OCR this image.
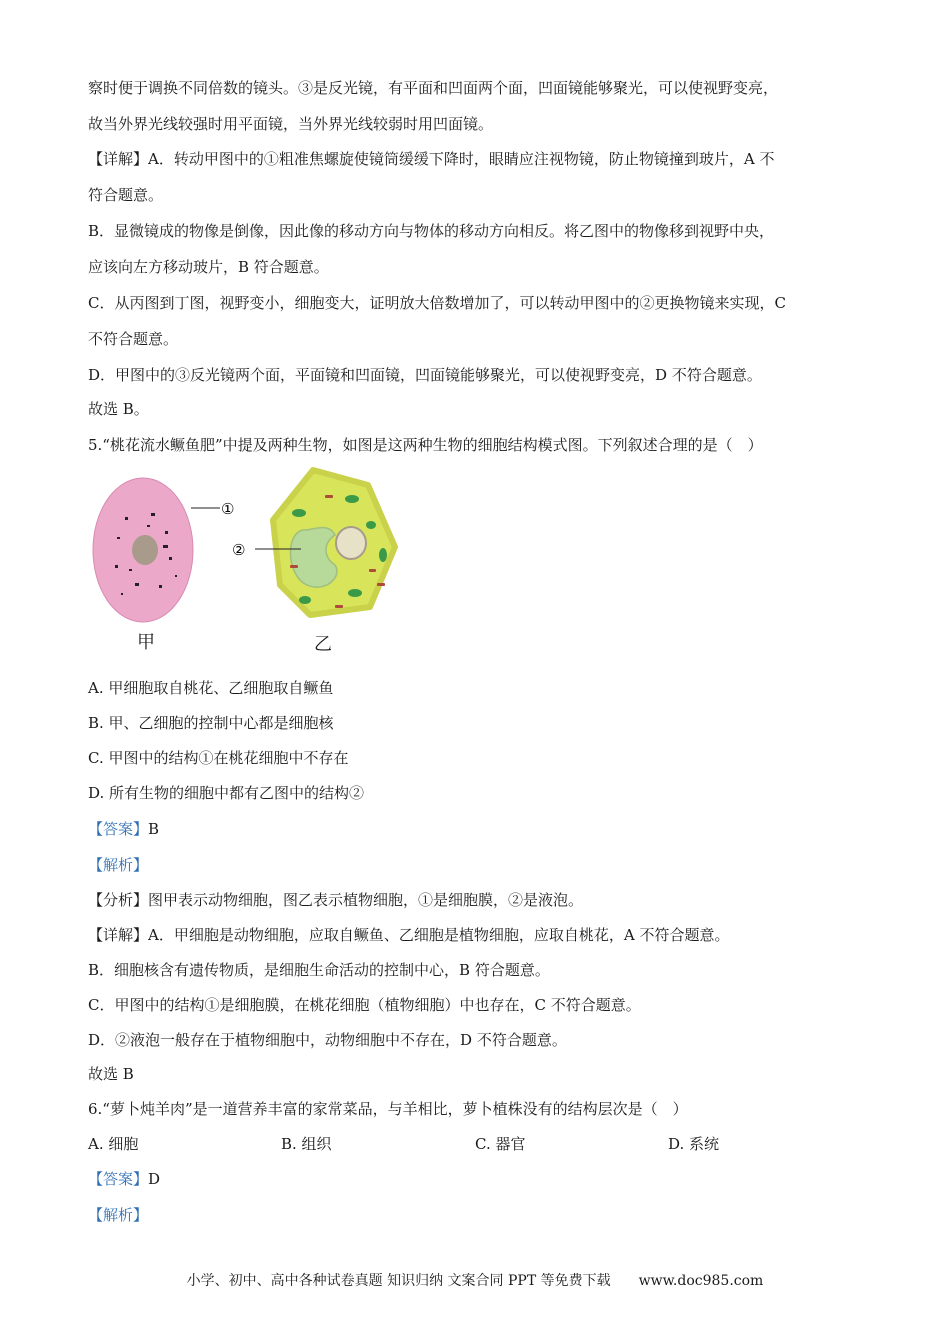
察时便于调换不同倍数的镜头。③是反光镜，有平面和凹面两个面，凹面镜能够聚光，可以使视野变亮，
故当外界光线较强时用平面镜，当外界光线较弱时用凹面镜。
【详解】A．转动甲图中的①粗准焦螺旋使镜筒缓缓下降时，眼睛应注视物镜，防止物镜撞到玻片，A 不
符合题意。
B．显微镜成的物像是倒像，因此像的移动方向与物体的移动方向相反。将乙图中的物像移到视野中央，
应该向左方移动玻片，B 符合题意。
C．从丙图到丁图，视野变小，细胞变大，证明放大倍数增加了，可以转动甲图中的②更换物镜来实现，C
不符合题意。
D．甲图中的③反光镜两个面，平面镜和凹面镜，凹面镜能够聚光，可以使视野变亮，D 不符合题意。
故选 B。
5.“桃花流水鳜鱼肥”中提及两种生物，如图是这两种生物的细胞结构模式图。下列叙述合理的是（　）
①
②
甲	乙
A. 甲细胞取自桃花、乙细胞取自鳜鱼
B. 甲、乙细胞的控制中心都是细胞核
C. 甲图中的结构①在桃花细胞中不存在
D. 所有生物的细胞中都有乙图中的结构②
【答案】B
【解析】
【分析】图甲表示动物细胞，图乙表示植物细胞，①是细胞膜，②是液泡。
【详解】A．甲细胞是动物细胞，应取自鳜鱼、乙细胞是植物细胞，应取自桃花，A 不符合题意。
B．细胞核含有遗传物质，是细胞生命活动的控制中心，B 符合题意。
C．甲图中的结构①是细胞膜，在桃花细胞（植物细胞）中也存在，C 不符合题意。
D．②液泡一般存在于植物细胞中，动物细胞中不存在，D 不符合题意。
故选 B
6.“萝卜炖羊肉”是一道营养丰富的家常菜品，与羊相比，萝卜植株没有的结构层次是（　）
A. 细胞	B. 组织	C. 器官	D. 系统
【答案】D
【解析】
小学、初中、高中各种试卷真题 知识归纳 文案合同 PPT 等免费下载　　www.doc985.com
